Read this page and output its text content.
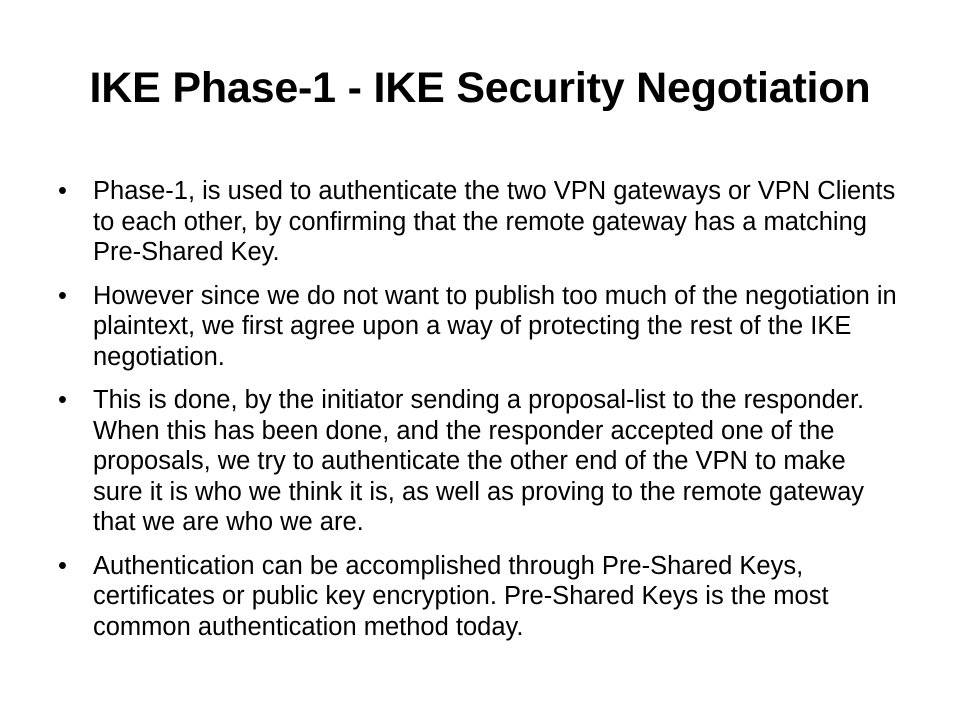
IKE Phase-1 - IKE Security Negotiation
•	Phase-1, is used to authenticate the two VPN gateways or VPN Clients to each other, by confirming that the remote gateway has a matching Pre-Shared Key.
•	However since we do not want to publish too much of the negotiation in plaintext, we first agree upon a way of protecting the rest of the IKE negotiation.
•	This is done, by the initiator sending a proposal-list to the responder. When this has been done, and the responder accepted one of the proposals, we try to authenticate the other end of the VPN to make sure it is who we think it is, as well as proving to the remote gateway that we are who we are.
•	Authentication can be accomplished through Pre-Shared Keys, certificates or public key encryption. Pre-Shared Keys is the most common authentication method today.
